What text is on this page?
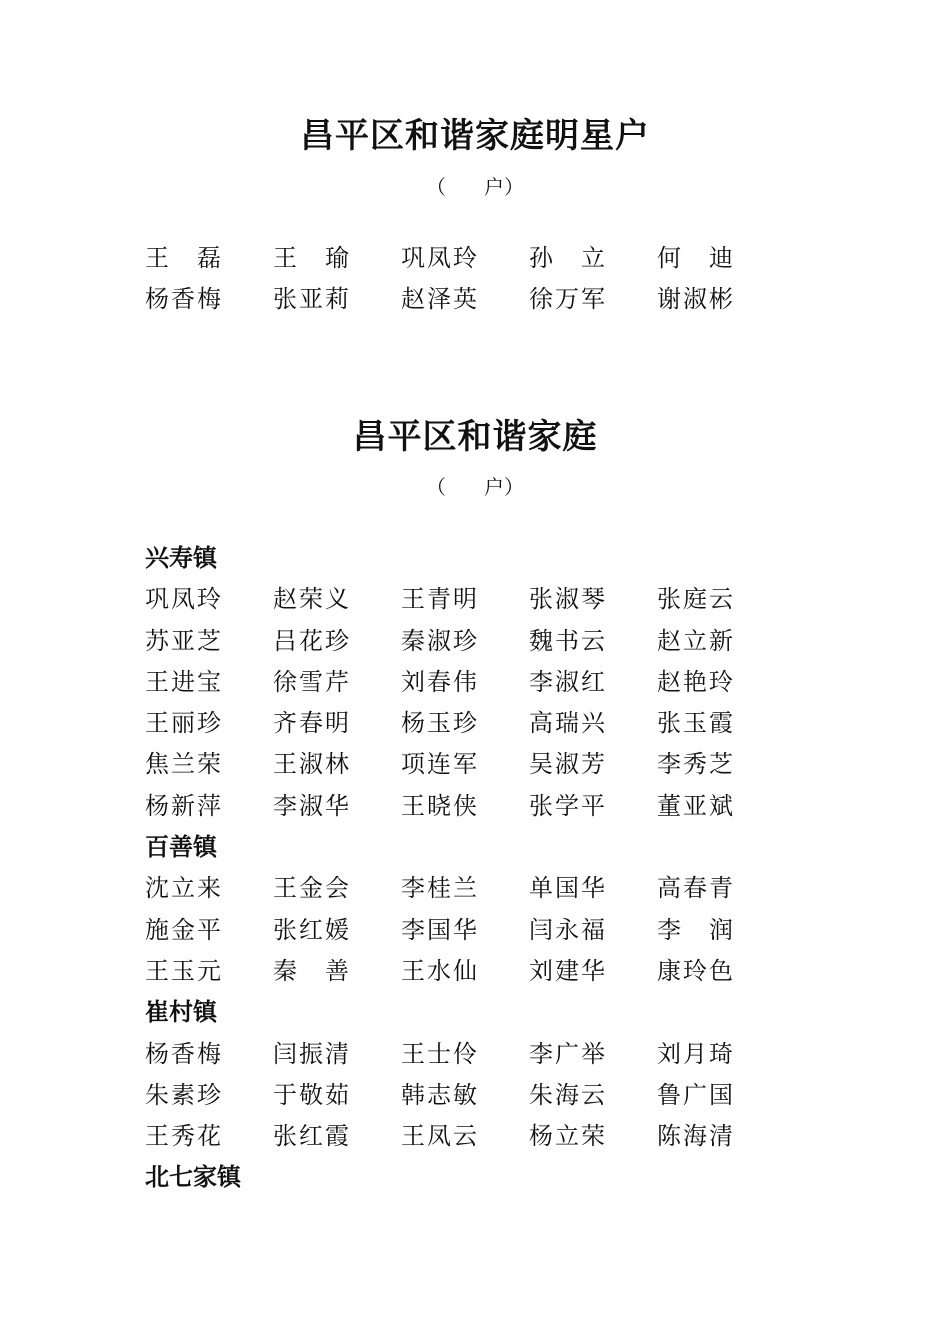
昌平区和谐家庭明星户
（ 户）
王　磊 王　瑜 巩凤玲 孙　立 何　迪
杨香梅 张亚莉 赵泽英 徐万军 谢淑彬
昌平区和谐家庭
（ 户）
兴寿镇
巩凤玲 赵荣义 王青明 张淑琴 张庭云
苏亚芝 吕花珍 秦淑珍 魏书云 赵立新
王进宝 徐雪芹 刘春伟 李淑红 赵艳玲
王丽珍 齐春明 杨玉珍 高瑞兴 张玉霞
焦兰荣 王淑林 项连军 吴淑芳 李秀芝
杨新萍 李淑华 王晓侠 张学平 董亚斌
百善镇
沈立来 王金会 李桂兰 单国华 高春青
施金平 张红媛 李国华 闫永福 李　润
王玉元 秦　善 王水仙 刘建华 康玲色
崔村镇
杨香梅 闫振清 王士伶 李广举 刘月琦
朱素珍 于敬茹 韩志敏 朱海云 鲁广国
王秀花 张红霞 王凤云 杨立荣 陈海清
北七家镇
